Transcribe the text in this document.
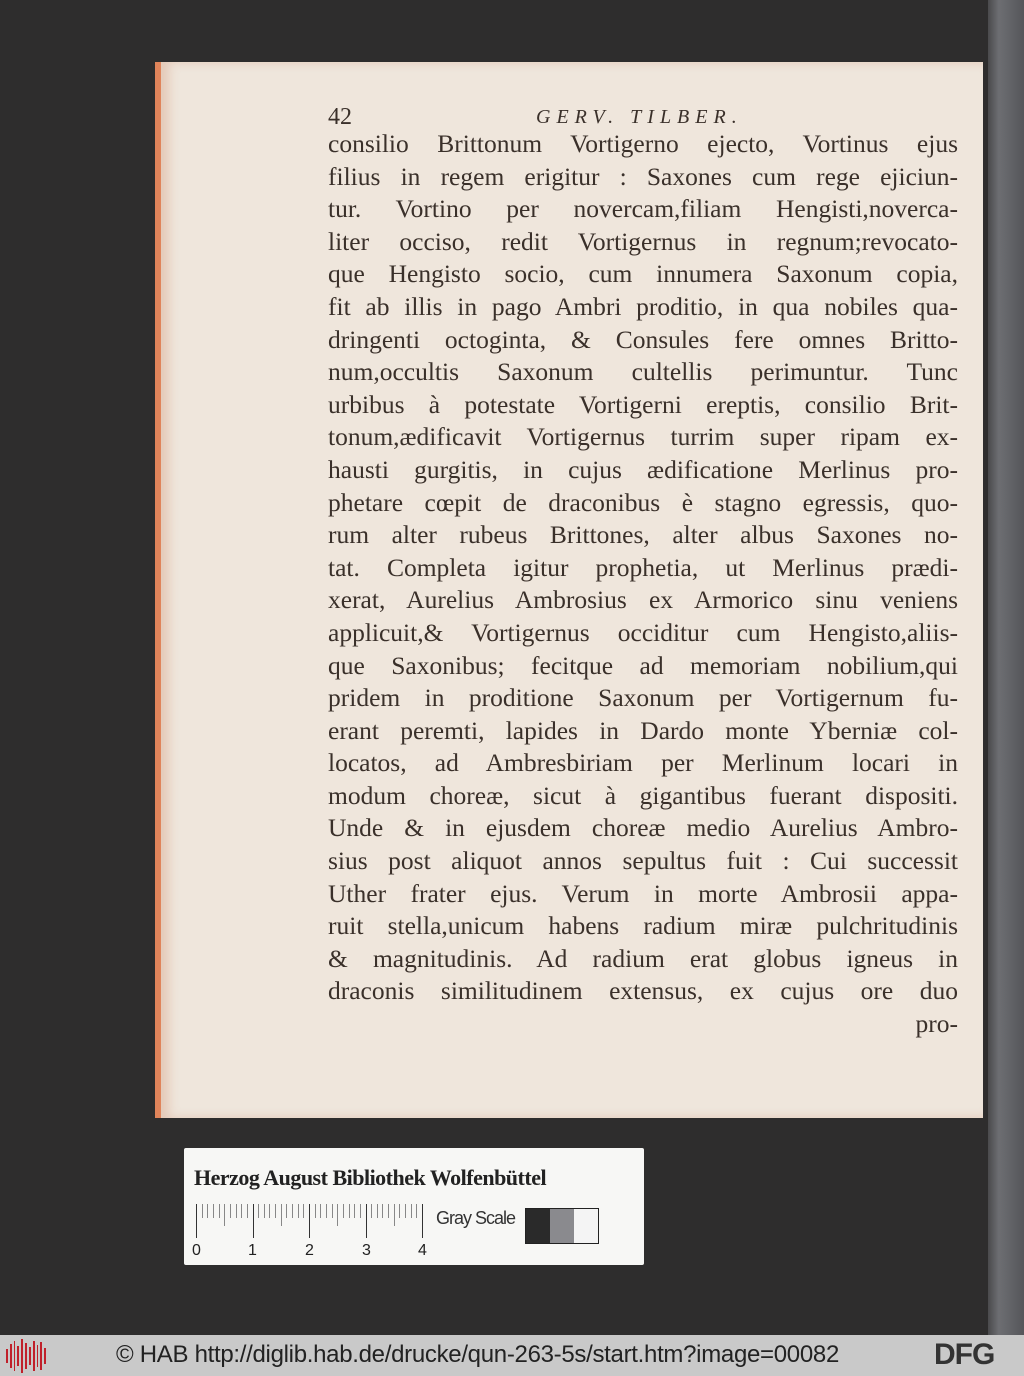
42	GERV. TILBER.
consilio Brittonum Vortigerno ejecto, Vortinus ejus
filius in regem erigitur : Saxones cum rege ejiciun-
tur. Vortino per novercam,filiam Hengisti,noverca-
liter occiso, redit Vortigernus in regnum;revocato-
que Hengisto socio, cum innumera Saxonum copia,
fit ab illis in pago Ambri proditio, in qua nobiles qua-
dringenti octoginta, & Consules fere omnes Britto-
num,occultis Saxonum cultellis perimuntur. Tunc
urbibus à potestate Vortigerni ereptis, consilio Brit-
tonum,ædificavit Vortigernus turrim super ripam ex-
hausti gurgitis, in cujus ædificatione Merlinus pro-
phetare cœpit de draconibus è stagno egressis, quo-
rum alter rubeus Brittones, alter albus Saxones no-
tat. Completa igitur prophetia, ut Merlinus prædi-
xerat, Aurelius Ambrosius ex Armorico sinu veniens
applicuit,& Vortigernus occiditur cum Hengisto,aliis-
que Saxonibus; fecitque ad memoriam nobilium,qui
pridem in proditione Saxonum per Vortigernum fu-
erant peremti, lapides in Dardo monte Yberniæ col-
locatos, ad Ambresbiriam per Merlinum locari in
modum choreæ, sicut à gigantibus fuerant dispositi.
Unde & in ejusdem choreæ medio Aurelius Ambro-
sius post aliquot annos sepultus fuit : Cui successit
Uther frater ejus. Verum in morte Ambrosii appa-
ruit stella,unicum habens radium miræ pulchritudinis
& magnitudinis. Ad radium erat globus igneus in
draconis similitudinem extensus, ex cujus ore duo
pro-
Herzog August Bibliothek Wolfenbüttel
0	1	2	3	4
Gray Scale
© HAB http://diglib.hab.de/drucke/qun-263-5s/start.htm?image=00082	DFG
